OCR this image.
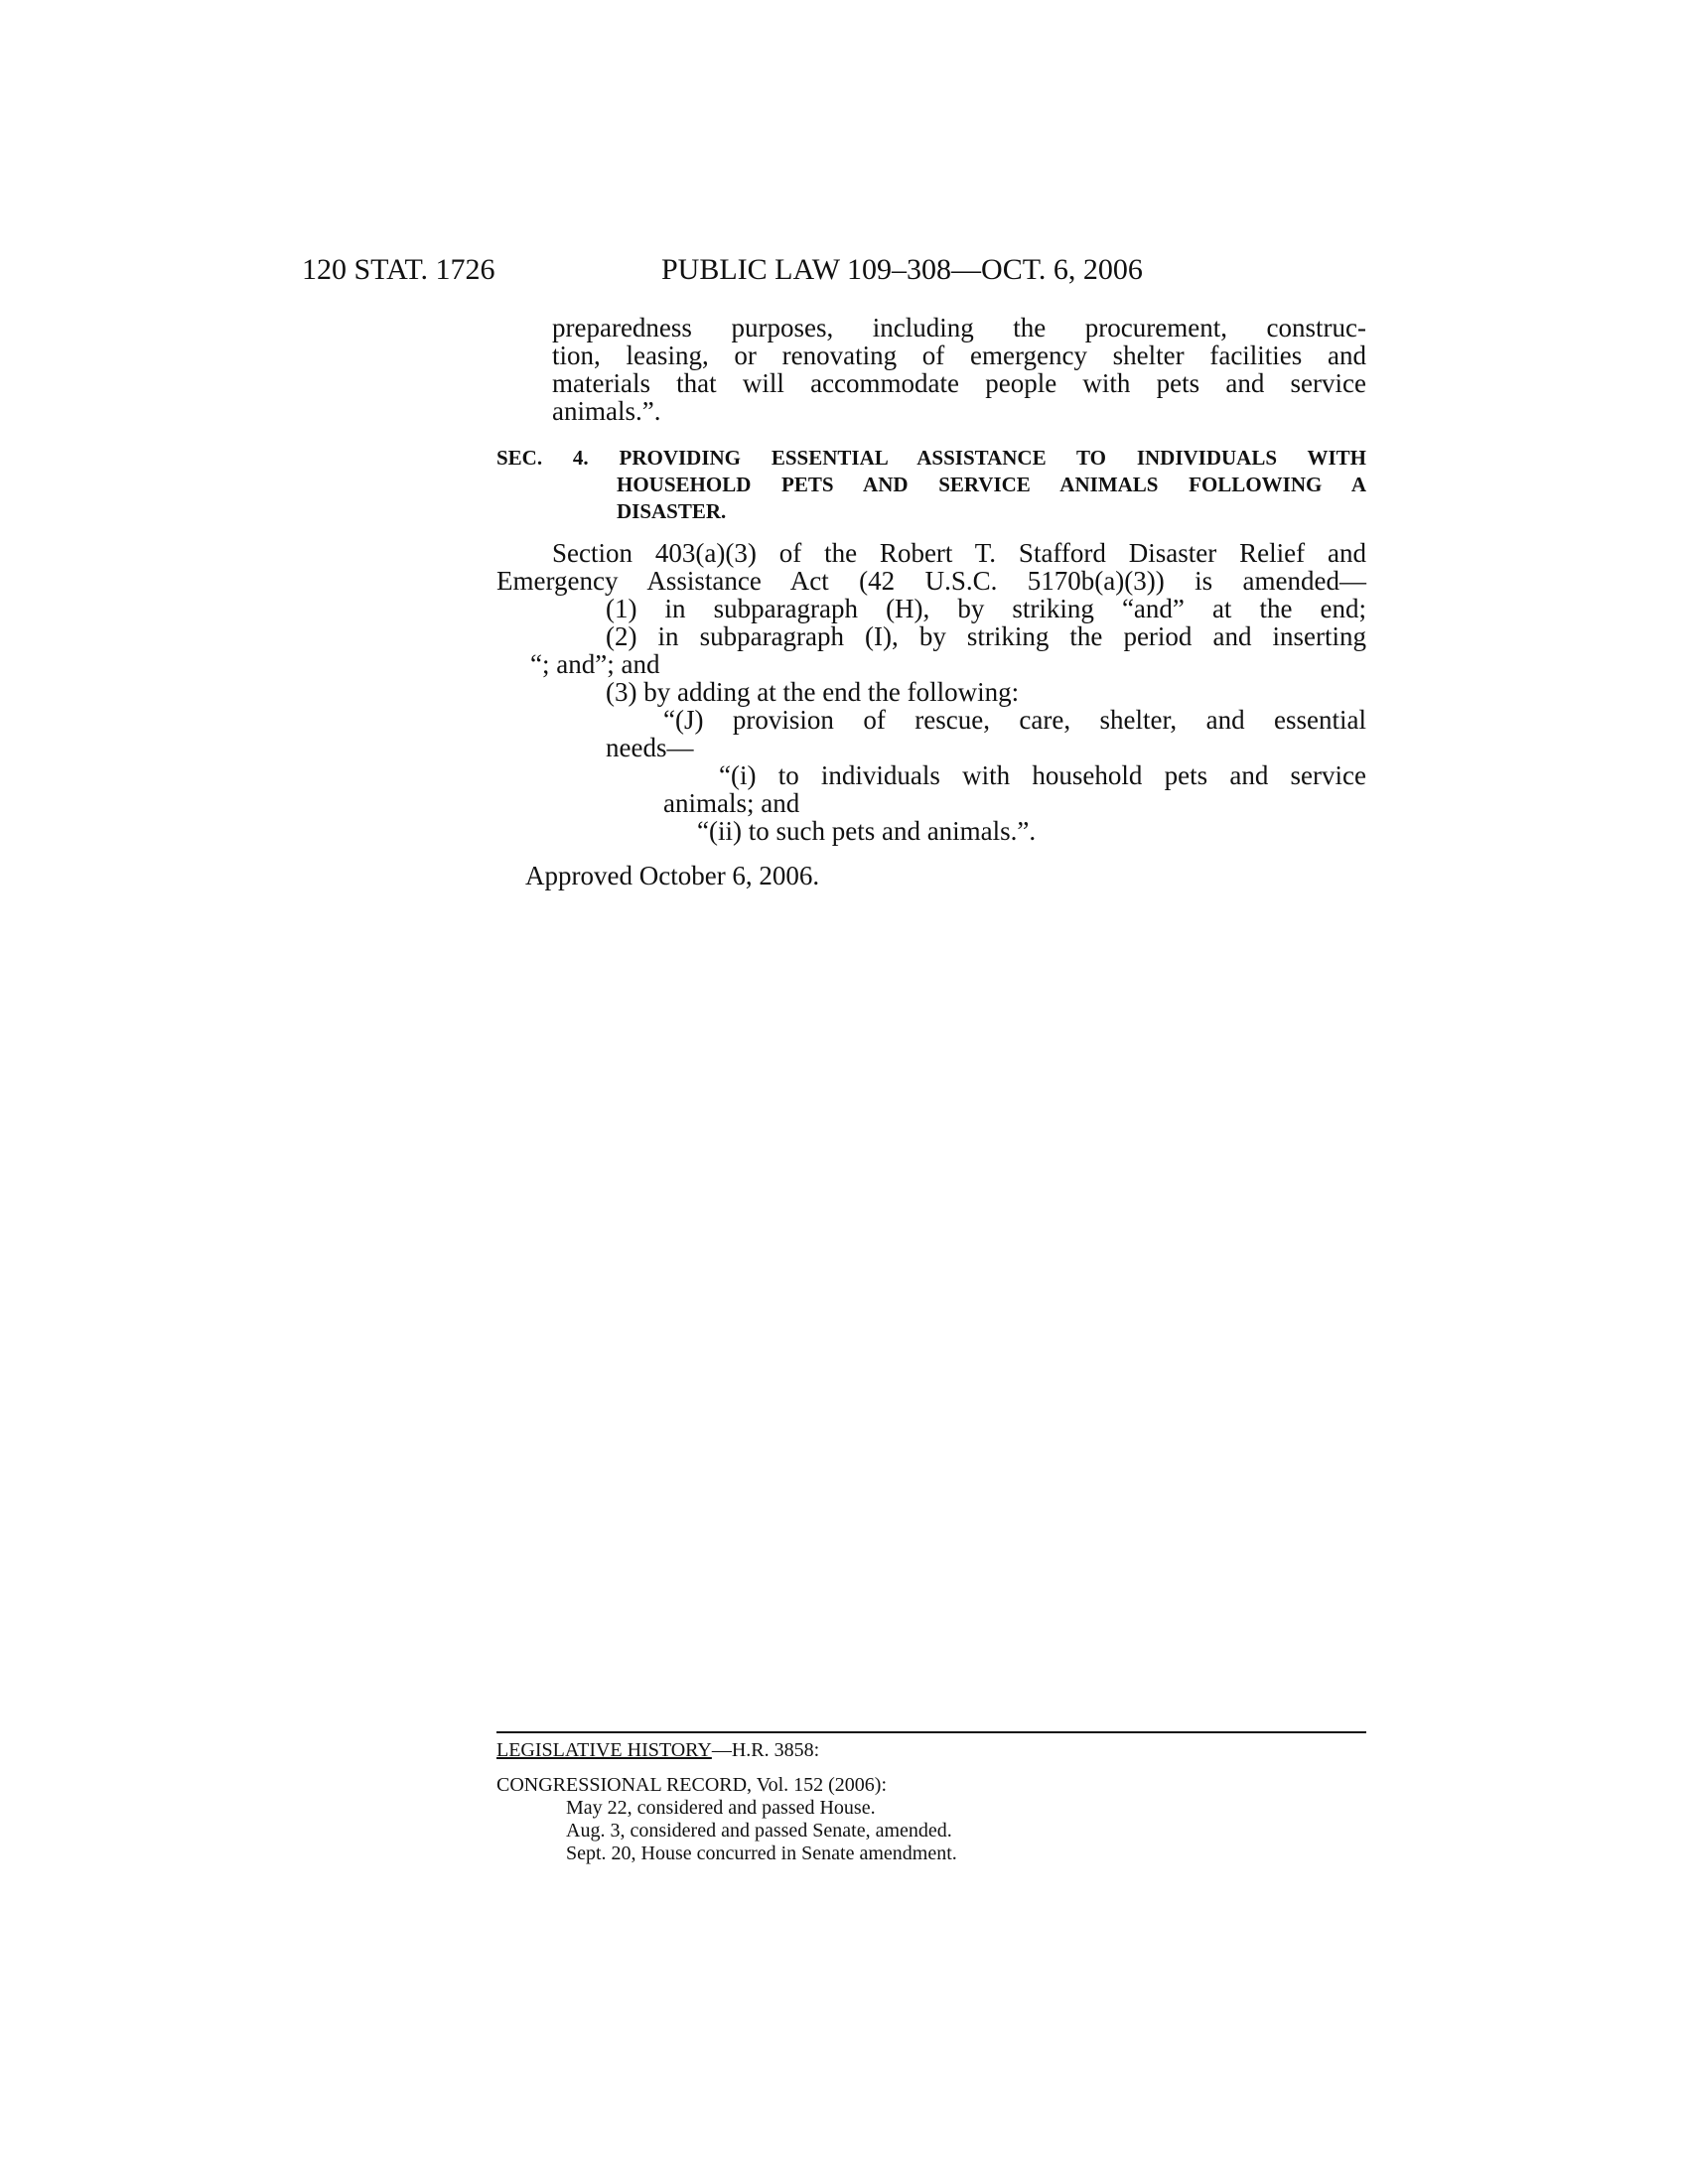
120 STAT. 1726	PUBLIC LAW 109–308—OCT. 6, 2006
preparedness purposes, including the procurement, construc-
tion, leasing, or renovating of emergency shelter facilities and
materials that will accommodate people with pets and service
animals.”.
SEC. 4. PROVIDING ESSENTIAL ASSISTANCE TO INDIVIDUALS WITH
HOUSEHOLD PETS AND SERVICE ANIMALS FOLLOWING A
DISASTER.
Section 403(a)(3) of the Robert T. Stafford Disaster Relief and
Emergency Assistance Act (42 U.S.C. 5170b(a)(3)) is amended—
(1) in subparagraph (H), by striking “and” at the end;
(2) in subparagraph (I), by striking the period and inserting
“; and”; and
(3) by adding at the end the following:
“(J) provision of rescue, care, shelter, and essential
needs—
“(i) to individuals with household pets and service
animals; and
“(ii) to such pets and animals.”.
Approved October 6, 2006.
LEGISLATIVE HISTORY—H.R. 3858:
CONGRESSIONAL RECORD, Vol. 152 (2006):
May 22, considered and passed House.
Aug. 3, considered and passed Senate, amended.
Sept. 20, House concurred in Senate amendment.
